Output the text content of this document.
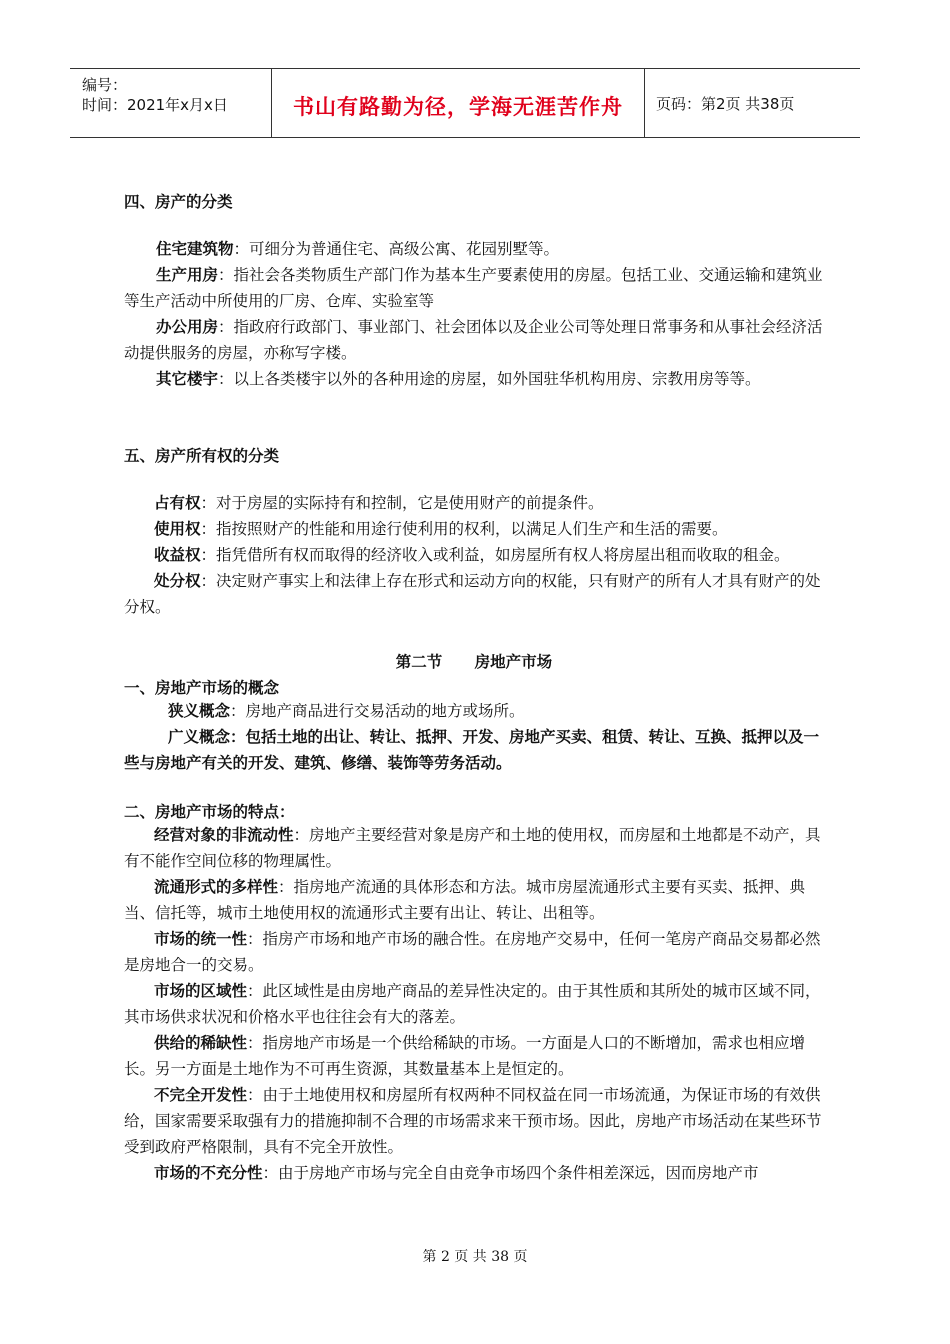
编号：
时间：2021年x月x日	书山有路勤为径，学海无涯苦作舟	页码：第2页 共38页

四、房产的分类

住宅建筑物：可细分为普通住宅、高级公寓、花园别墅等。

生产用房：指社会各类物质生产部门作为基本生产要素使用的房屋。包括工业、交通运输和建筑业等生产活动中所使用的厂房、仓库、实验室等

办公用房：指政府行政部门、事业部门、社会团体以及企业公司等处理日常事务和从事社会经济活动提供服务的房屋，亦称写字楼。

其它楼宇：以上各类楼宇以外的各种用途的房屋，如外国驻华机构用房、宗教用房等等。

五、房产所有权的分类

占有权：对于房屋的实际持有和控制，它是使用财产的前提条件。

使用权：指按照财产的性能和用途行使利用的权利，以满足人们生产和生活的需要。

收益权：指凭借所有权而取得的经济收入或利益，如房屋所有权人将房屋出租而收取的租金。

处分权：决定财产事实上和法律上存在形式和运动方向的权能，只有财产的所有人才具有财产的处分权。

第二节      房地产市场

一、房地产市场的概念

狭义概念：房地产商品进行交易活动的地方或场所。

广义概念：包括土地的出让、转让、抵押、开发、房地产买卖、租赁、转让、互换、抵押以及一些与房地产有关的开发、建筑、修缮、装饰等劳务活动。

二、房地产市场的特点：

经营对象的非流动性：房地产主要经营对象是房产和土地的使用权，而房屋和土地都是不动产，具有不能作空间位移的物理属性。

流通形式的多样性：指房地产流通的具体形态和方法。城市房屋流通形式主要有买卖、抵押、典当、信托等，城市土地使用权的流通形式主要有出让、转让、出租等。

市场的统一性：指房产市场和地产市场的融合性。在房地产交易中，任何一笔房产商品交易都必然是房地合一的交易。

市场的区域性：此区域性是由房地产商品的差异性决定的。由于其性质和其所处的城市区域不同，其市场供求状况和价格水平也往往会有大的落差。

供给的稀缺性：指房地产市场是一个供给稀缺的市场。一方面是人口的不断增加，需求也相应增长。另一方面是土地作为不可再生资源，其数量基本上是恒定的。

不完全开发性：由于土地使用权和房屋所有权两种不同权益在同一市场流通，为保证市场的有效供给，国家需要采取强有力的措施抑制不合理的市场需求来干预市场。因此，房地产市场活动在某些环节受到政府严格限制，具有不完全开放性。

市场的不充分性：由于房地产市场与完全自由竞争市场四个条件相差深远，因而房地产市

第 2 页 共 38 页
